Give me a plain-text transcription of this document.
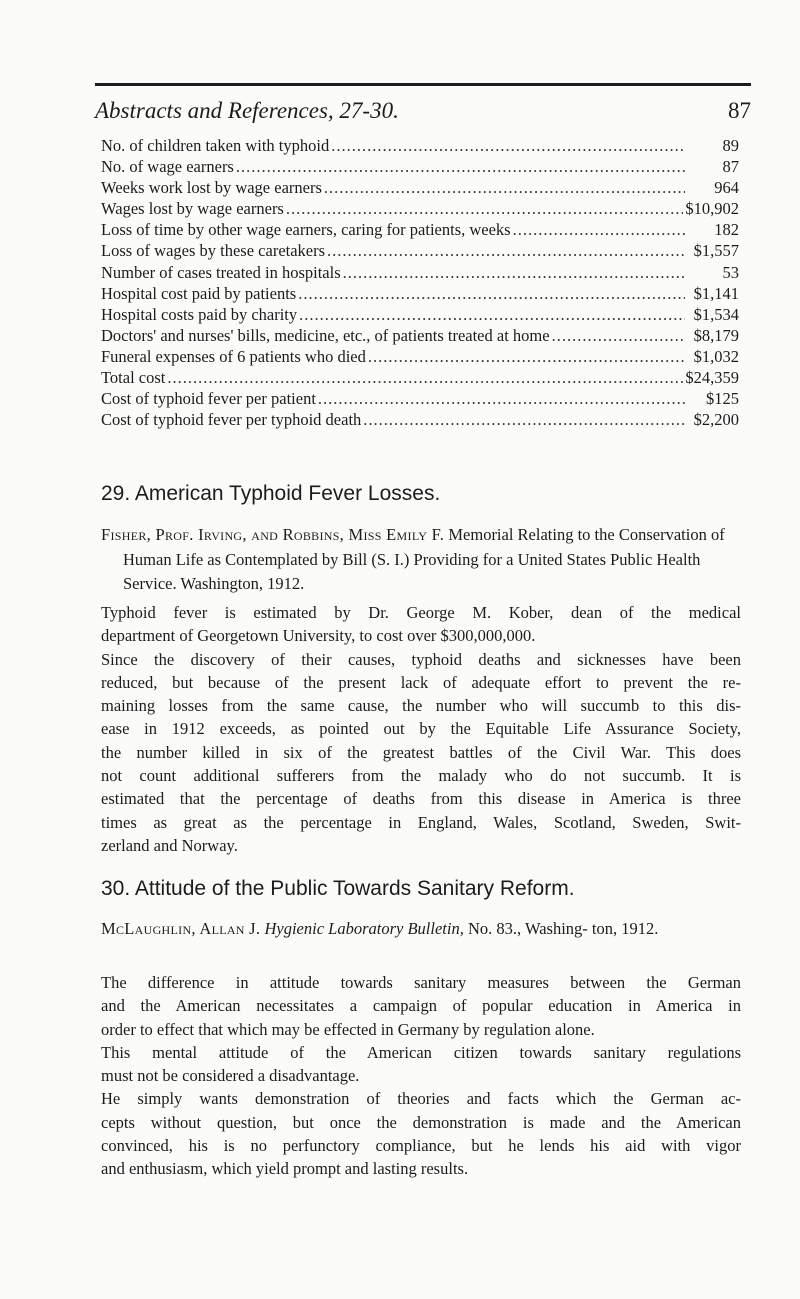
Abstracts and References, 27-30.	87
No. of children taken with typhoid .....	89
No. of wage earners .....	87
Weeks work lost by wage earners .....	964
Wages lost by wage earners .....	$10,902
Loss of time by other wage earners, caring for patients, weeks .....	182
Loss of wages by these caretakers .....	$1,557
Number of cases treated in hospitals .....	53
Hospital cost paid by patients .....	$1,141
Hospital costs paid by charity .....	$1,534
Doctors' and nurses' bills, medicine, etc., of patients treated at home .....	$8,179
Funeral expenses of 6 patients who died .....	$1,032
Total cost .....	$24,359
Cost of typhoid fever per patient .....	$125
Cost of typhoid fever per typhoid death .....	$2,200
29. American Typhoid Fever Losses.
Fisher, Prof. Irving, and Robbins, Miss Emily F. Memorial Relating to the Conservation of Human Life as Contemplated by Bill (S. I.) Providing for a United States Public Health Service. Washington, 1912.
Typhoid fever is estimated by Dr. George M. Kober, dean of the medical
department of Georgetown University, to cost over $300,000,000.
Since the discovery of their causes, typhoid deaths and sicknesses have been
reduced, but because of the present lack of adequate effort to prevent the re-
maining losses from the same cause, the number who will succumb to this dis-
ease in 1912 exceeds, as pointed out by the Equitable Life Assurance Society,
the number killed in six of the greatest battles of the Civil War. This does
not count additional sufferers from the malady who do not succumb. It is
estimated that the percentage of deaths from this disease in America is three
times as great as the percentage in England, Wales, Scotland, Sweden, Swit-
zerland and Norway.
30. Attitude of the Public Towards Sanitary Reform.
McLaughlin, Allan J. Hygienic Laboratory Bulletin, No. 83., Washing- ton, 1912.
The difference in attitude towards sanitary measures between the German
and the American necessitates a campaign of popular education in America in
order to effect that which may be effected in Germany by regulation alone.
This mental attitude of the American citizen towards sanitary regulations
must not be considered a disadvantage.
He simply wants demonstration of theories and facts which the German ac-
cepts without question, but once the demonstration is made and the American
convinced, his is no perfunctory compliance, but he lends his aid with vigor
and enthusiasm, which yield prompt and lasting results.
